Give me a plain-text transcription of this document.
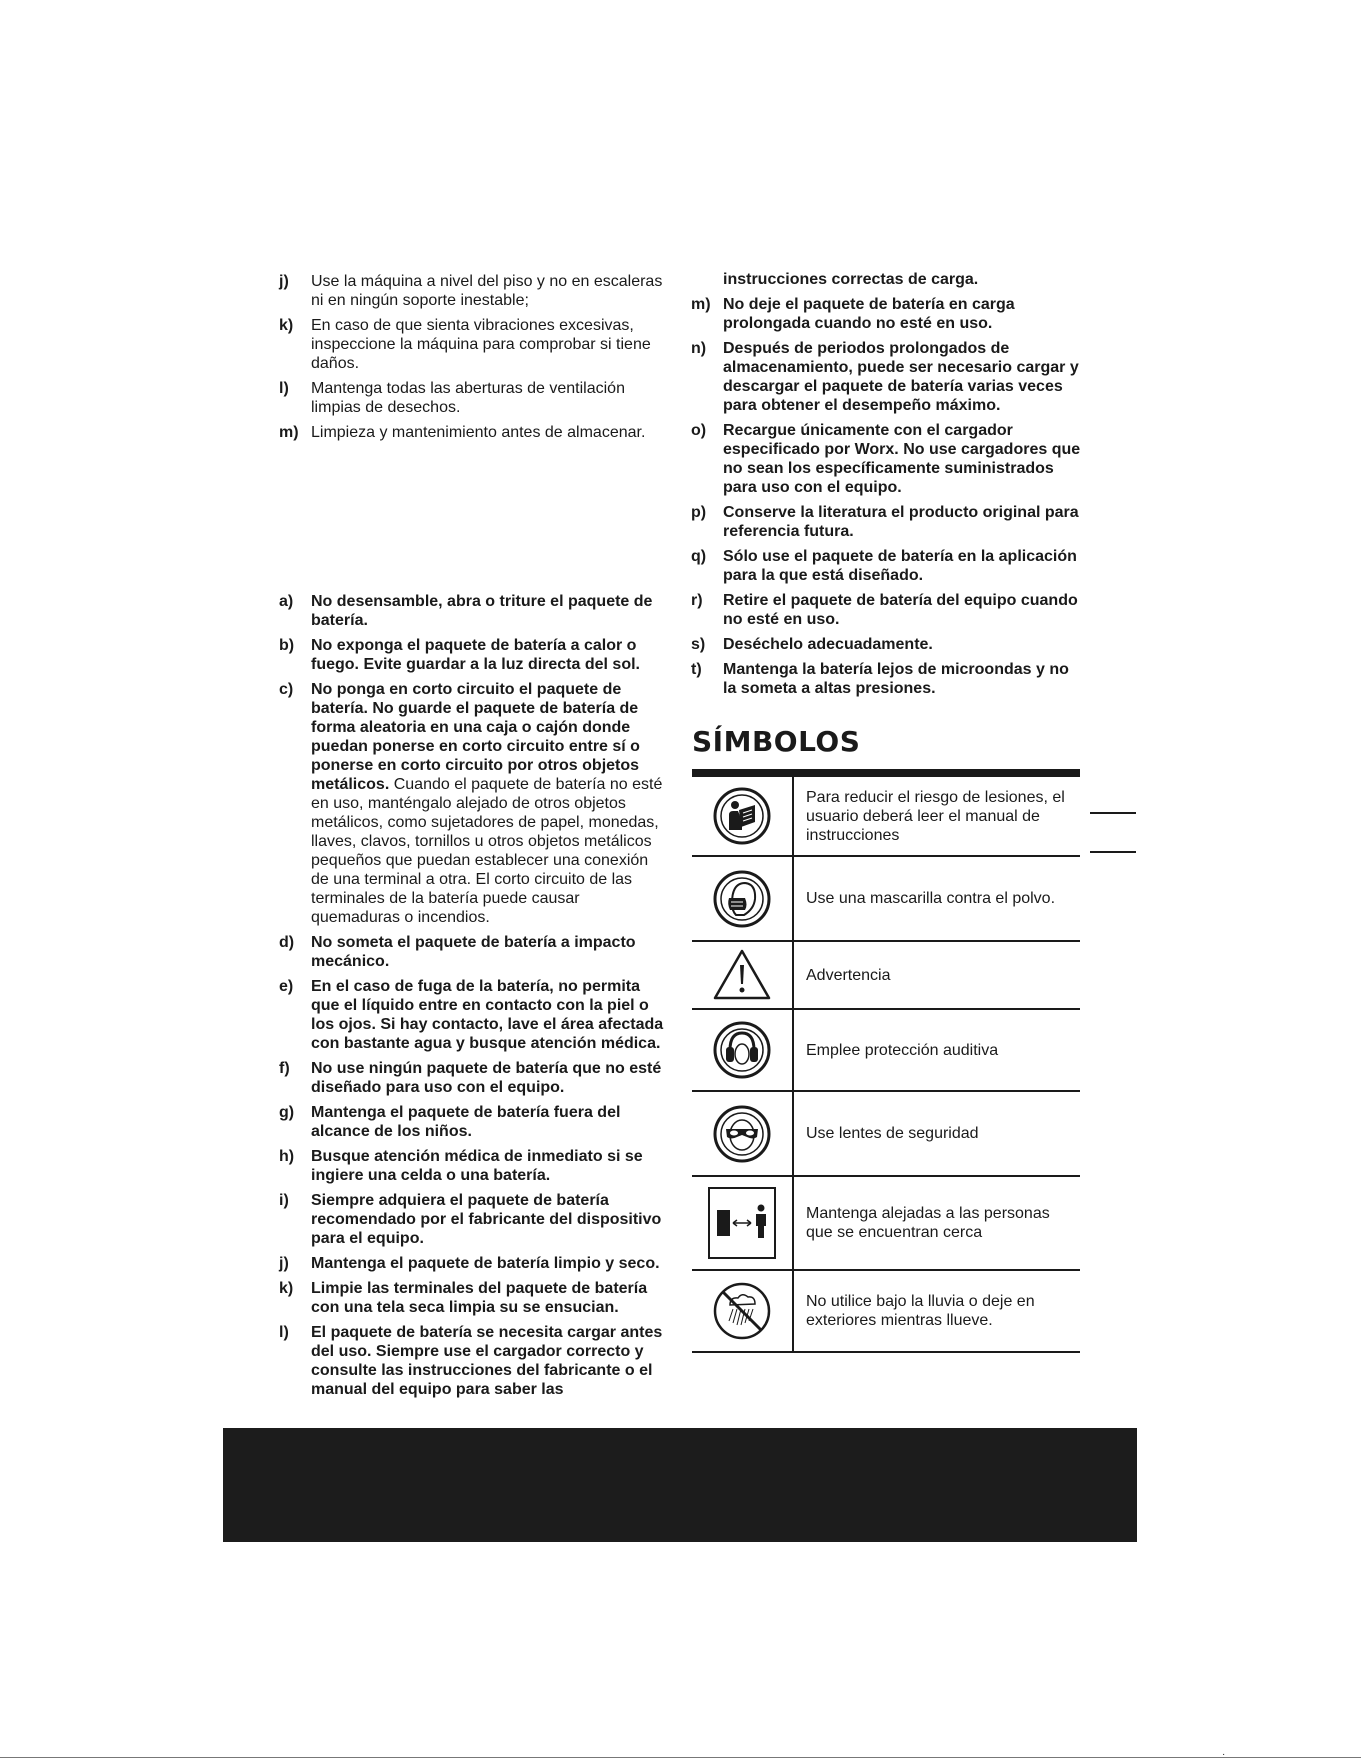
j) Use la máquina a nivel del piso y no en escaleras ni en ningún soporte inestable;
k) En caso de que sienta vibraciones excesivas, inspeccione la máquina para comprobar si tiene daños.
l) Mantenga todas las aberturas de ventilación limpias de desechos.
m) Limpieza y mantenimiento antes de almacenar.
a) No desensamble, abra o triture el paquete de batería.
b) No exponga el paquete de batería a calor o fuego. Evite guardar a la luz directa del sol.
c) No ponga en corto circuito el paquete de batería. No guarde el paquete de batería de forma aleatoria en una caja o cajón donde puedan ponerse en corto circuito entre sí o ponerse en corto circuito por otros objetos metálicos. Cuando el paquete de batería no esté en uso, manténgalo alejado de otros objetos metálicos, como sujetadores de papel, monedas, llaves, clavos, tornillos u otros objetos metálicos pequeños que puedan establecer una conexión de una terminal a otra. El corto circuito de las terminales de la batería puede causar quemaduras o incendios.
d) No someta el paquete de batería a impacto mecánico.
e) En el caso de fuga de la batería, no permita que el líquido entre en contacto con la piel o los ojos. Si hay contacto, lave el área afectada con bastante agua y busque atención médica.
f) No use ningún paquete de batería que no esté diseñado para uso con el equipo.
g) Mantenga el paquete de batería fuera del alcance de los niños.
h) Busque atención médica de inmediato si se ingiere una celda o una batería.
i) Siempre adquiera el paquete de batería recomendado por el fabricante del dispositivo para el equipo.
j) Mantenga el paquete de batería limpio y seco.
k) Limpie las terminales del paquete de batería con una tela seca limpia su se ensucian.
l) El paquete de batería se necesita cargar antes del uso. Siempre use el cargador correcto y consulte las instrucciones del fabricante o el manual del equipo para saber las
instrucciones correctas de carga.
m) No deje el paquete de batería en carga prolongada cuando no esté en uso.
n) Después de periodos prolongados de almacenamiento, puede ser necesario cargar y descargar el paquete de batería varias veces para obtener el desempeño máximo.
o) Recargue únicamente con el cargador especificado por Worx. No use cargadores que no sean los específicamente suministrados para uso con el equipo.
p) Conserve la literatura el producto original para referencia futura.
q) Sólo use el paquete de batería en la aplicación para la que está diseñado.
r) Retire el paquete de batería del equipo cuando no esté en uso.
s) Deséchelo adecuadamente.
t) Mantenga la batería lejos de microondas y no la someta a altas presiones.
SÍMBOLOS
Para reducir el riesgo de lesiones, el usuario deberá leer el manual de instrucciones
Use una mascarilla contra el polvo.
Advertencia
Emplee protección auditiva
Use lentes de seguridad
Mantenga alejadas a las personas que se encuentran cerca
No utilice bajo la lluvia o deje en exteriores mientras llueve.
·
